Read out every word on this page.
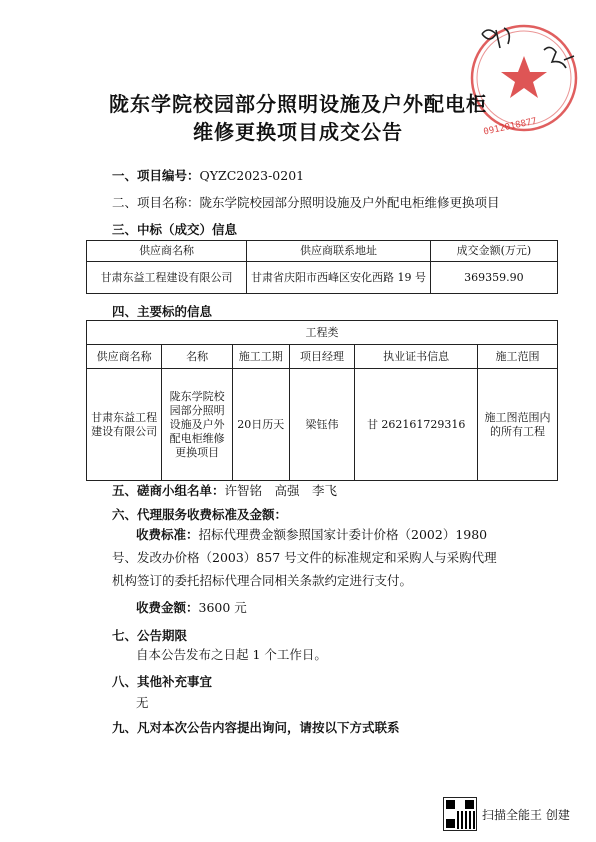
0912018877
陇东学院校园部分照明设施及户外配电柜
维修更换项目成交公告
一、项目编号：QYZC2023-0201
二、项目名称：陇东学院校园部分照明设施及户外配电柜维修更换项目
三、中标（成交）信息
供应商名称	供应商联系地址	成交金额(万元)
甘肃东益工程建设有限公司	甘肃省庆阳市西峰区安化西路 19 号	369359.90
四、主要标的信息
工程类					
供应商名称	名称	施工工期	项目经理	执业证书信息	施工范围
甘肃东益工程建设有限公司	陇东学院校园部分照明设施及户外配电柜维修更换项目	20日历天	梁钰伟	甘 262161729316	施工图范围内的所有工程
五、磋商小组名单：许智铭　高强　李飞
六、代理服务收费标准及金额：
收费标准：招标代理费金额参照国家计委计价格（2002）1980
号、发改办价格（2003）857 号文件的标准规定和采购人与采购代理
机构签订的委托招标代理合同相关条款约定进行支付。
收费金额：3600 元
七、公告期限
自本公告发布之日起 1 个工作日。
八、其他补充事宜
无
九、凡对本次公告内容提出询问，请按以下方式联系
扫描全能王 创建
